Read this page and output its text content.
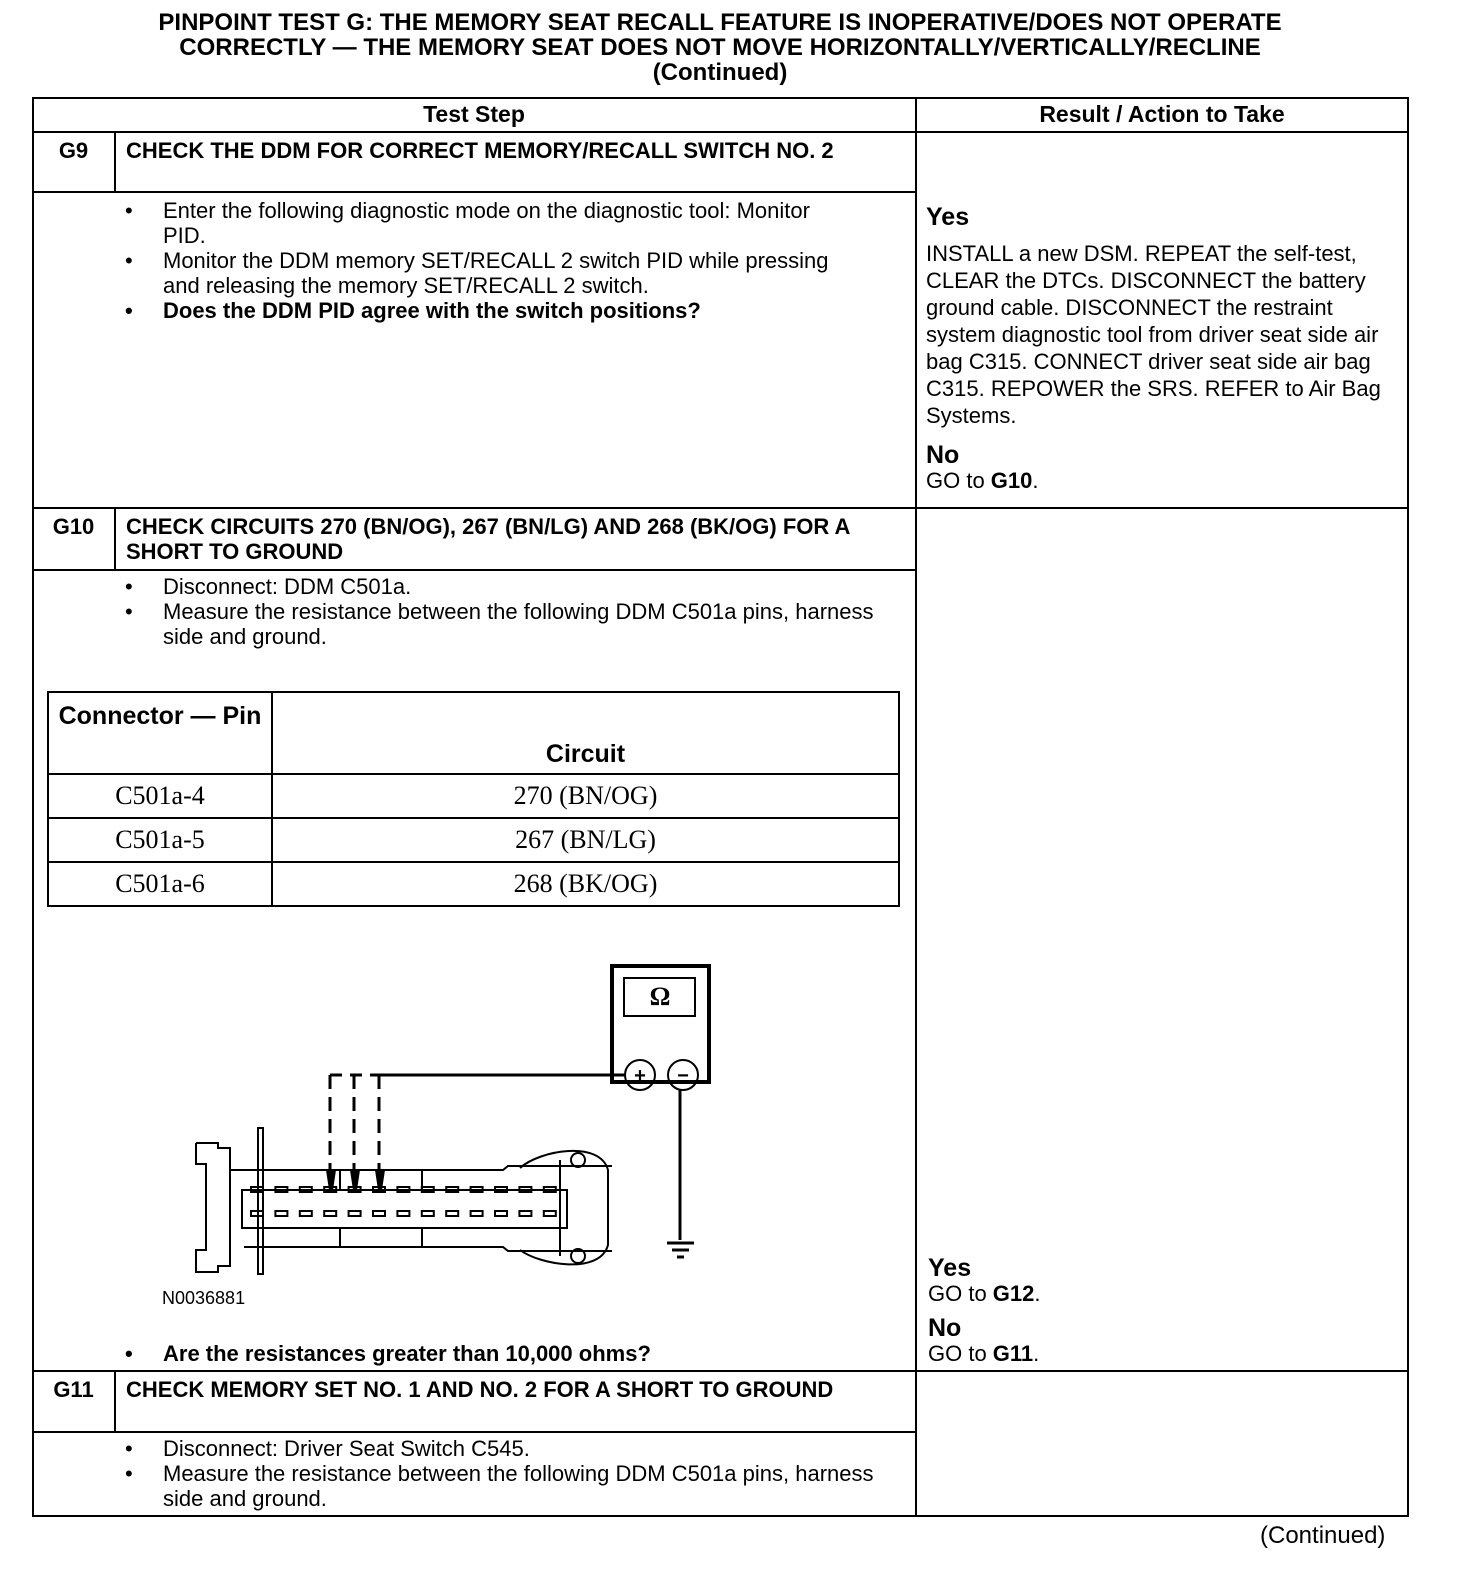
PINPOINT TEST G: THE MEMORY SEAT RECALL FEATURE IS INOPERATIVE/DOES NOT OPERATE
CORRECTLY — THE MEMORY SEAT DOES NOT MOVE HORIZONTALLY/VERTICALLY/RECLINE
(Continued)
Test Step	Result / Action to Take
G9	CHECK THE DDM FOR CORRECT MEMORY/RECALL SWITCH NO. 2
• Enter the following diagnostic mode on the diagnostic tool: Monitor PID.
• Monitor the DDM memory SET/RECALL 2 switch PID while pressing and releasing the memory SET/RECALL 2 switch.
• Does the DDM PID agree with the switch positions?
Yes
INSTALL a new DSM. REPEAT the self-test, CLEAR the DTCs. DISCONNECT the battery ground cable. DISCONNECT the restraint system diagnostic tool from driver seat side air bag C315. CONNECT driver seat side air bag C315. REPOWER the SRS. REFER to Air Bag Systems.
No
GO to G10.
G10	CHECK CIRCUITS 270 (BN/OG), 267 (BN/LG) AND 268 (BK/OG) FOR A SHORT TO GROUND
• Disconnect: DDM C501a.
• Measure the resistance between the following DDM C501a pins, harness side and ground.
Connector — Pin	Circuit
C501a-4	270 (BN/OG)
C501a-5	267 (BN/LG)
C501a-6	268 (BK/OG)
Ω
+ −
N0036881
• Are the resistances greater than 10,000 ohms?
Yes
GO to G12.
No
GO to G11.
G11	CHECK MEMORY SET NO. 1 AND NO. 2 FOR A SHORT TO GROUND
• Disconnect: Driver Seat Switch C545.
• Measure the resistance between the following DDM C501a pins, harness side and ground.
(Continued)
